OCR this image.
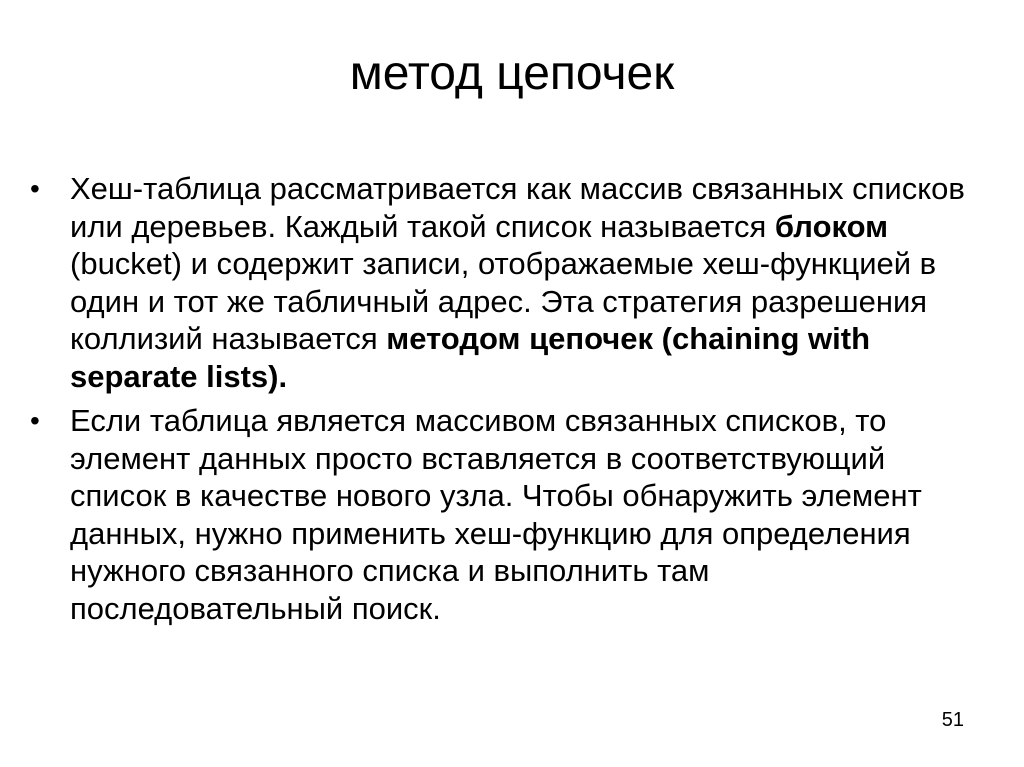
метод цепочек
• Хеш-таблица рассматривается как массив связанных списков или деревьев. Каждый такой список называется блоком (bucket) и содержит записи, отображаемые хеш-функцией в один и тот же табличный адрес. Эта стратегия разрешения коллизий называется методом цепочек (chaining with separate lists).
• Если таблица является массивом связанных списков, то элемент данных просто вставляется в соответствующий список в качестве нового узла. Чтобы обнаружить элемент данных, нужно применить хеш-функцию для определения нужного связанного списка и выполнить там последовательный поиск.
51
